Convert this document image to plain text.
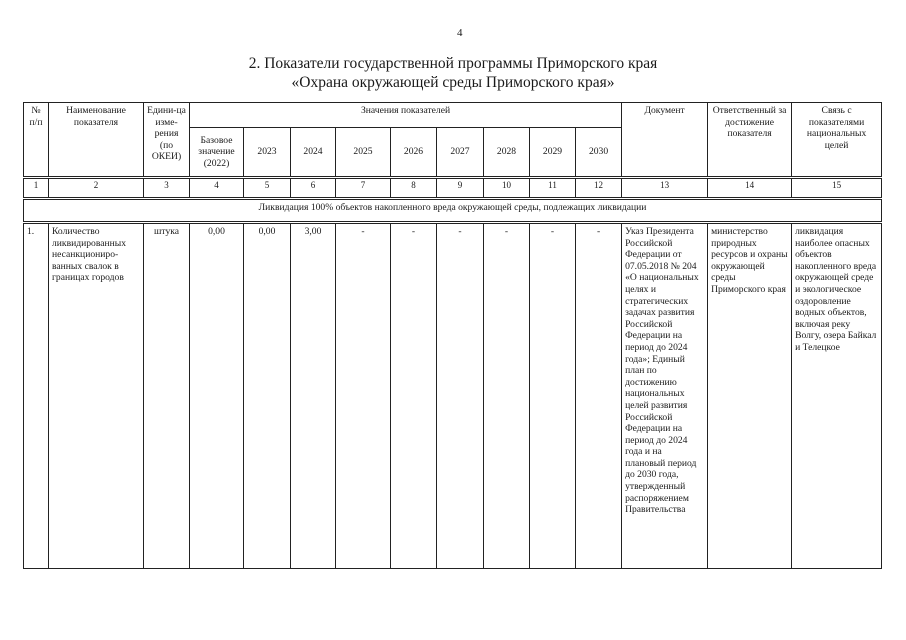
4
2. Показатели государственной программы Приморского края
«Охрана окружающей среды Приморского края»
№ п/п	Наименование показателя	Едини-ца изме-рения (по ОКЕИ)	Значения показателей									Документ	Ответственный за достижение показателя	Связь с показателями национальных целей
			Базовое значение (2022)	2023	2024	2025	2026	2027	2028	2029	2030			

1	2	3	4	5	6	7	8	9	10	11	12	13	14	15

Ликвидация 100% объектов накопленного вреда окружающей среды, подлежащих ликвидации														

1.	Количество ликвидированных несанкциониро-ванных свалок в границах городов	штука	0,00	0,00	3,00	-	-	-	-	-	-	Указ Президента Российской Федерации от 07.05.2018 № 204 «О национальных целях и стратегических задачах развития Российской Федерации на период до 2024 года»; Единый план по достижению национальных целей развития Российской Федерации на период до 2024 года и на плановый период до 2030 года, утвержденный распоряжением Правительства	министерство природных ресурсов и охраны окружающей среды Приморского края	ликвидация наиболее опасных объектов накопленного вреда окружающей среде и экологическое оздоровление водных объектов, включая реку Волгу, озера Байкал и Телецкое
